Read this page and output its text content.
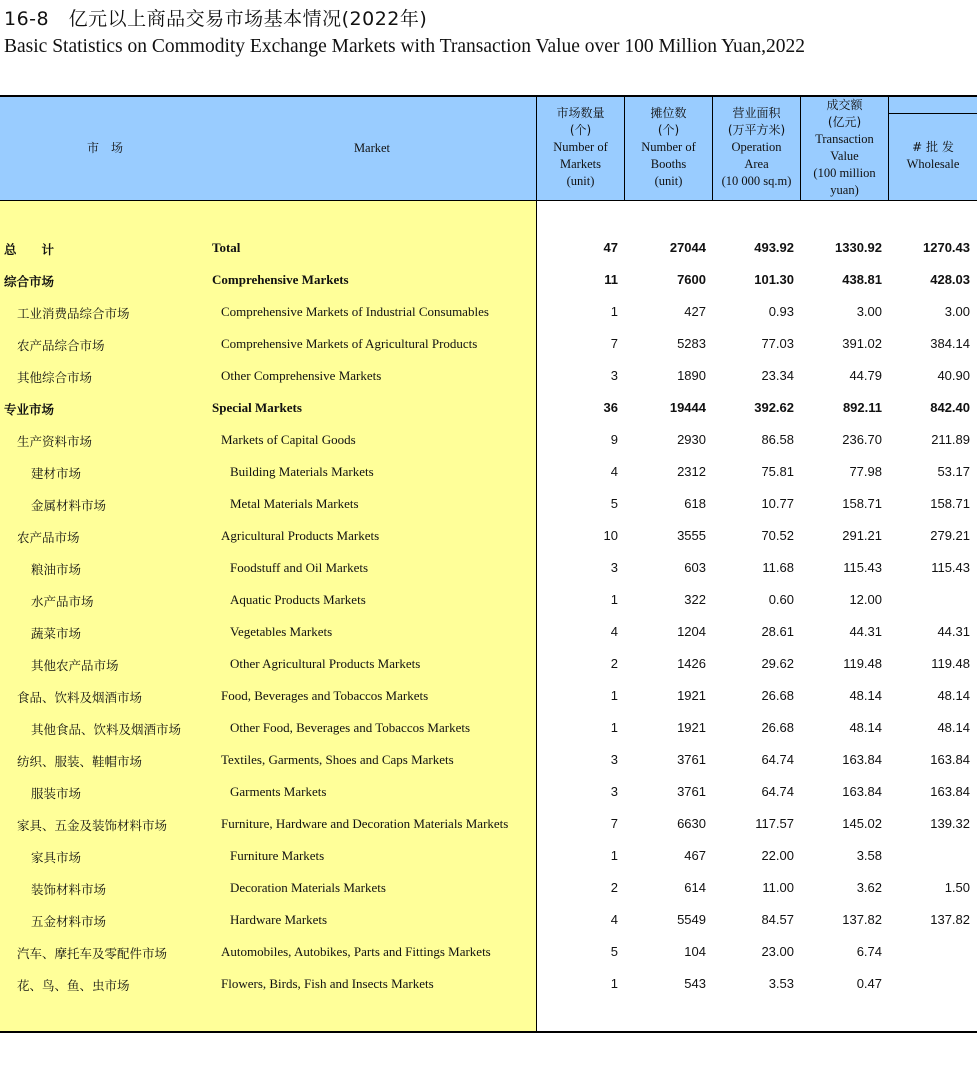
16-8　亿元以上商品交易市场基本情况(2022年)
Basic Statistics on Commodity Exchange Markets with Transaction Value over 100 Million Yuan,2022
市　场	Market
市场数量
(个)
Number of
Markets
(unit)
摊位数
(个)
Number of
Booths
(unit)
营业面积
(万平方米)
Operation
Area
(10 000 sq.m)
成交额
(亿元)
Transaction
Value
(100 million
yuan)
# 批 发
Wholesale
总　　计	Total	47	27044	493.92	1330.92	1270.43
综合市场	Comprehensive Markets	11	7600	101.30	438.81	428.03
工业消费品综合市场	Comprehensive Markets of Industrial Consumables	1	427	0.93	3.00	3.00
农产品综合市场	Comprehensive Markets of Agricultural Products	7	5283	77.03	391.02	384.14
其他综合市场	Other Comprehensive Markets	3	1890	23.34	44.79	40.90
专业市场	Special Markets	36	19444	392.62	892.11	842.40
生产资料市场	Markets of Capital Goods	9	2930	86.58	236.70	211.89
建材市场	Building Materials Markets	4	2312	75.81	77.98	53.17
金属材料市场	Metal Materials Markets	5	618	10.77	158.71	158.71
农产品市场	Agricultural Products Markets	10	3555	70.52	291.21	279.21
粮油市场	Foodstuff and Oil Markets	3	603	11.68	115.43	115.43
水产品市场	Aquatic Products Markets	1	322	0.60	12.00
蔬菜市场	Vegetables Markets	4	1204	28.61	44.31	44.31
其他农产品市场	Other Agricultural Products Markets	2	1426	29.62	119.48	119.48
食品、饮料及烟酒市场	Food, Beverages and Tobaccos Markets	1	1921	26.68	48.14	48.14
其他食品、饮料及烟酒市场	Other Food, Beverages and Tobaccos Markets	1	1921	26.68	48.14	48.14
纺织、服装、鞋帽市场	Textiles, Garments, Shoes and Caps Markets	3	3761	64.74	163.84	163.84
服装市场	Garments Markets	3	3761	64.74	163.84	163.84
家具、五金及装饰材料市场	Furniture, Hardware and Decoration Materials Markets	7	6630	117.57	145.02	139.32
家具市场	Furniture Markets	1	467	22.00	3.58
装饰材料市场	Decoration Materials Markets	2	614	11.00	3.62	1.50
五金材料市场	Hardware Markets	4	5549	84.57	137.82	137.82
汽车、摩托车及零配件市场	Automobiles, Autobikes, Parts and Fittings Markets	5	104	23.00	6.74
花、鸟、鱼、虫市场	Flowers, Birds, Fish and Insects Markets	1	543	3.53	0.47
